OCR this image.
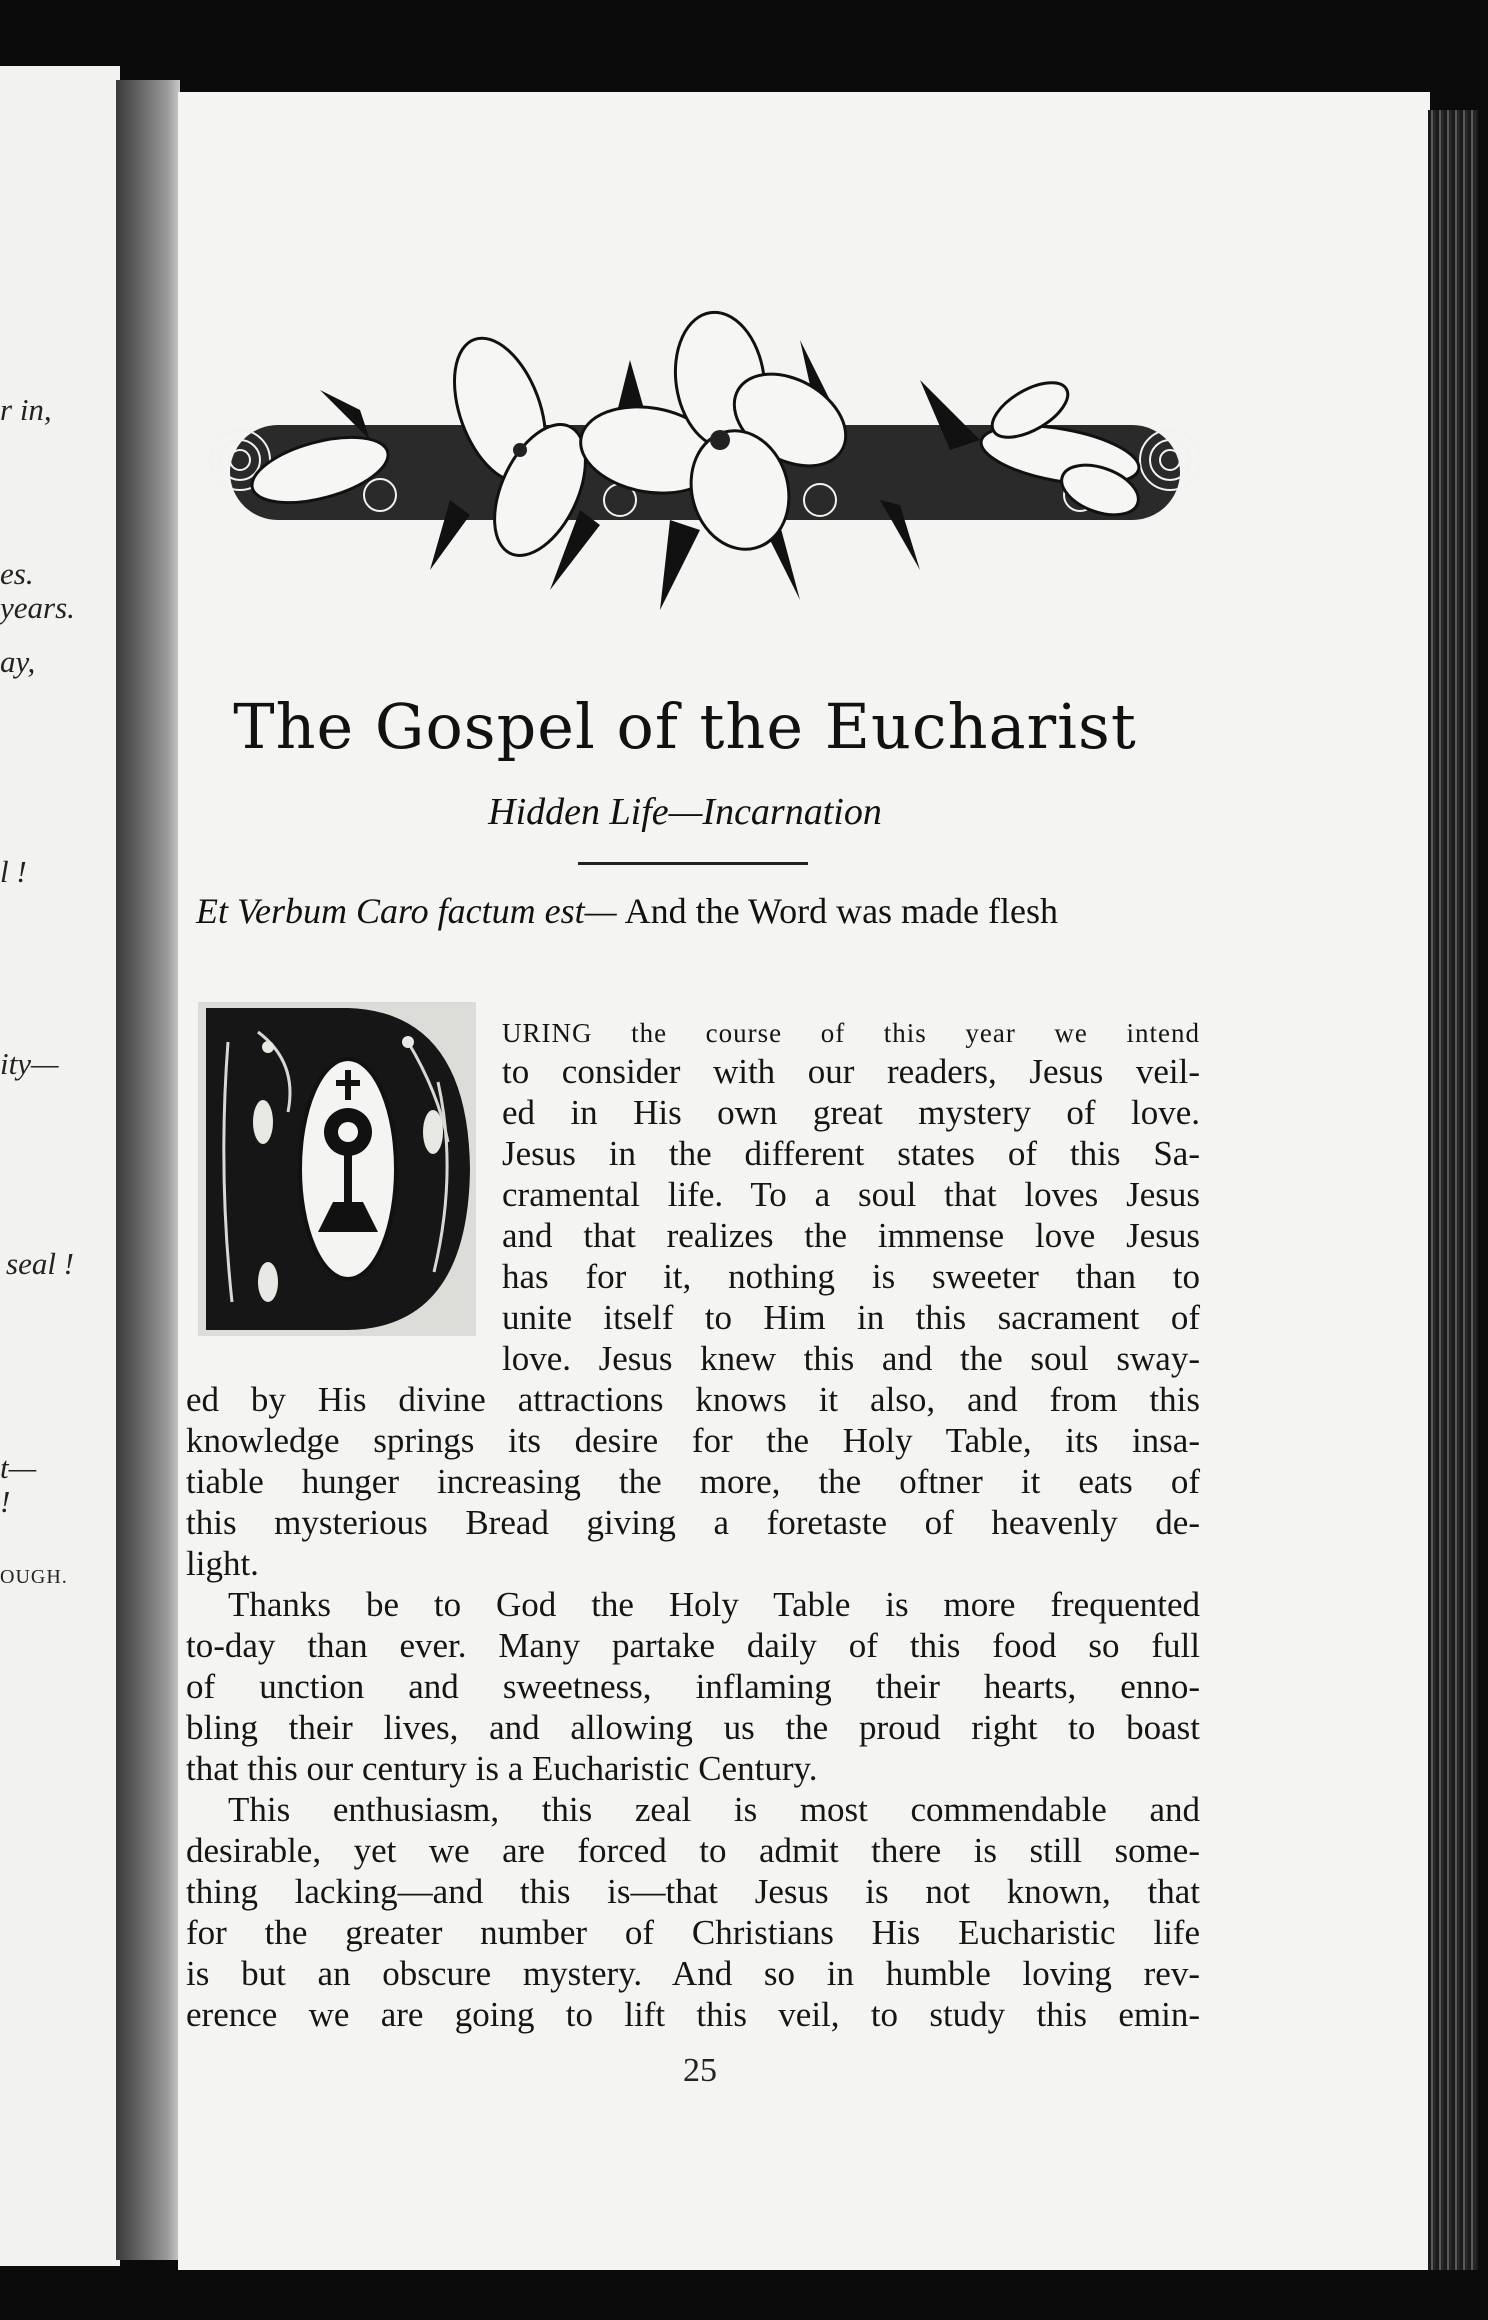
r in,
es.
years.
ay,
l !
ity—
seal !
t—
!
OUGH.
The Gospel of the Eucharist
Hidden Life—Incarnation
Et Verbum Caro factum est— And the Word was made flesh
D	URING the course of this year we intend
to consider with our readers, Jesus veil-
ed in His own great mystery of love.
Jesus in the different states of this Sa-
cramental life. To a soul that loves Jesus
and that realizes the immense love Jesus
has for it, nothing is sweeter than to
unite itself to Him in this sacrament of
love. Jesus knew this and the soul sway-
ed by His divine attractions knows it also, and from this
knowledge springs its desire for the Holy Table, its insa-
tiable hunger increasing the more, the oftner it eats of
this mysterious Bread giving a foretaste of heavenly de-
light.
Thanks be to God the Holy Table is more frequented
to-day than ever. Many partake daily of this food so full
of unction and sweetness, inflaming their hearts, enno-
bling their lives, and allowing us the proud right to boast
that this our century is a Eucharistic Century.
This enthusiasm, this zeal is most commendable and
desirable, yet we are forced to admit there is still some-
thing lacking—and this is—that Jesus is not known, that
for the greater number of Christians His Eucharistic life
is but an obscure mystery. And so in humble loving rev-
erence we are going to lift this veil, to study this emin-
25
